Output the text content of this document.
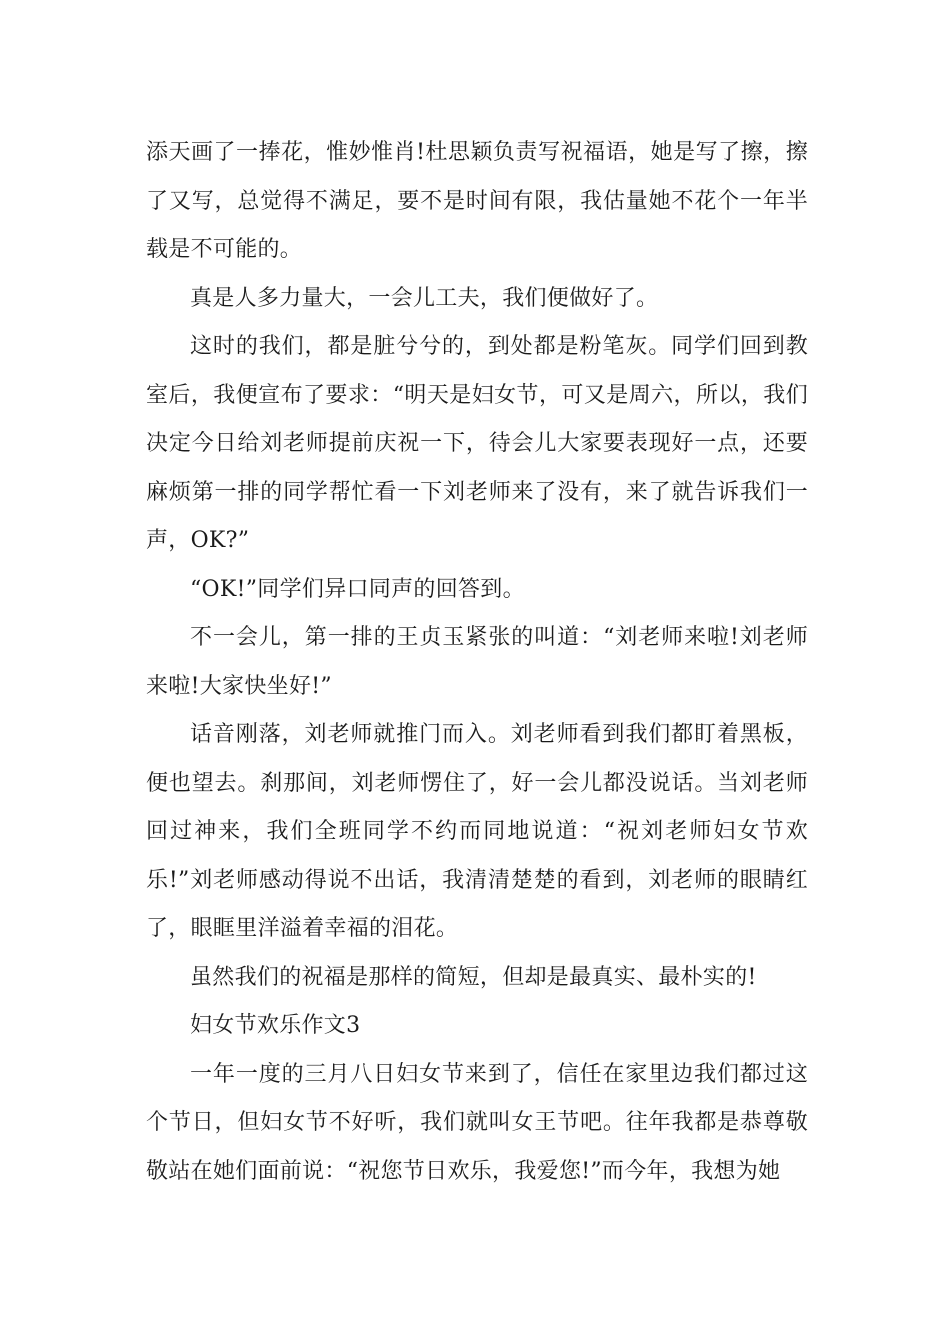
添天画了一捧花，惟妙惟肖!杜思颖负责写祝福语，她是写了擦，擦了又写，总觉得不满足，要不是时间有限，我估量她不花个一年半载是不可能的。

真是人多力量大，一会儿工夫，我们便做好了。

这时的我们，都是脏兮兮的，到处都是粉笔灰。同学们回到教室后，我便宣布了要求：“明天是妇女节，可又是周六，所以，我们决定今日给刘老师提前庆祝一下，待会儿大家要表现好一点，还要麻烦第一排的同学帮忙看一下刘老师来了没有，来了就告诉我们一声，OK?”

“OK!”同学们异口同声的回答到。

不一会儿，第一排的王贞玉紧张的叫道：“刘老师来啦!刘老师来啦!大家快坐好!”

话音刚落，刘老师就推门而入。刘老师看到我们都盯着黑板，便也望去。刹那间，刘老师愣住了，好一会儿都没说话。当刘老师回过神来，我们全班同学不约而同地说道：“祝刘老师妇女节欢乐!”刘老师感动得说不出话，我清清楚楚的看到，刘老师的眼睛红了，眼眶里洋溢着幸福的泪花。

虽然我们的祝福是那样的简短，但却是最真实、最朴实的!

妇女节欢乐作文3

一年一度的三月八日妇女节来到了，信任在家里边我们都过这个节日，但妇女节不好听，我们就叫女王节吧。往年我都是恭尊敬敬站在她们面前说：“祝您节日欢乐，我爱您!”而今年，我想为她
